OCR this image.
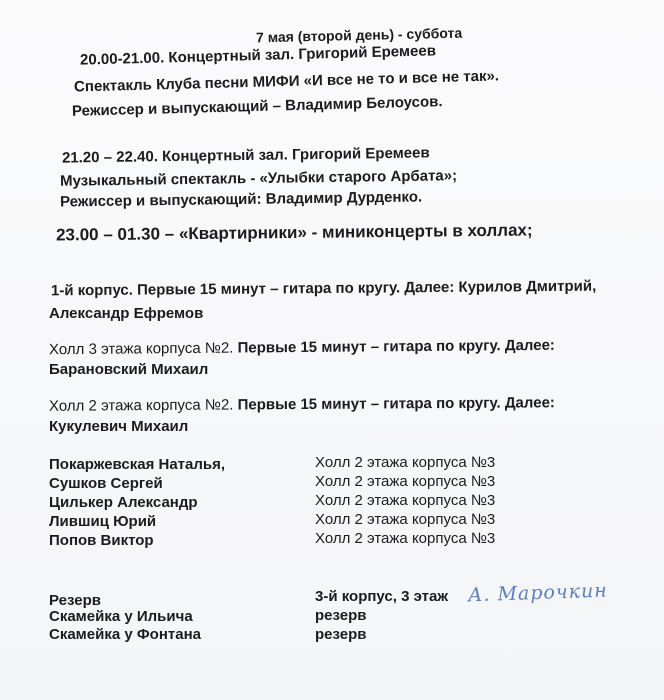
7 мая (второй день) - суббота
20.00-21.00. Концертный зал. Григорий Еремеев
Спектакль Клуба песни МИФИ «И все не то и все не так».
Режиссер и выпускающий – Владимир Белоусов.
21.20 – 22.40. Концертный зал. Григорий Еремеев
Музыкальный спектакль - «Улыбки старого Арбата»;
Режиссер и выпускающий: Владимир Дурденко.
23.00 – 01.30 – «Квартирники» - миниконцерты в холлах;
1-й корпус. Первые 15 минут – гитара по кругу. Далее: Курилов Дмитрий,
Александр Ефремов
Холл 3 этажа корпуса №2. Первые 15 минут – гитара по кругу. Далее:
Барановский Михаил
Холл 2 этажа корпуса №2. Первые 15 минут – гитара по кругу. Далее:
Кукулевич Михаил
Покаржевская Наталья,	Холл 2 этажа корпуса №3
Сушков Сергей	Холл 2 этажа корпуса №3
Цилькер Александр	Холл 2 этажа корпуса №3
Лившиц Юрий	Холл 2 этажа корпуса №3
Попов Виктор	Холл 2 этажа корпуса №3
Резерв	3-й корпус, 3 этаж
Скамейка у Ильича	резерв
Скамейка у Фонтана	резерв
А. Марочкин
